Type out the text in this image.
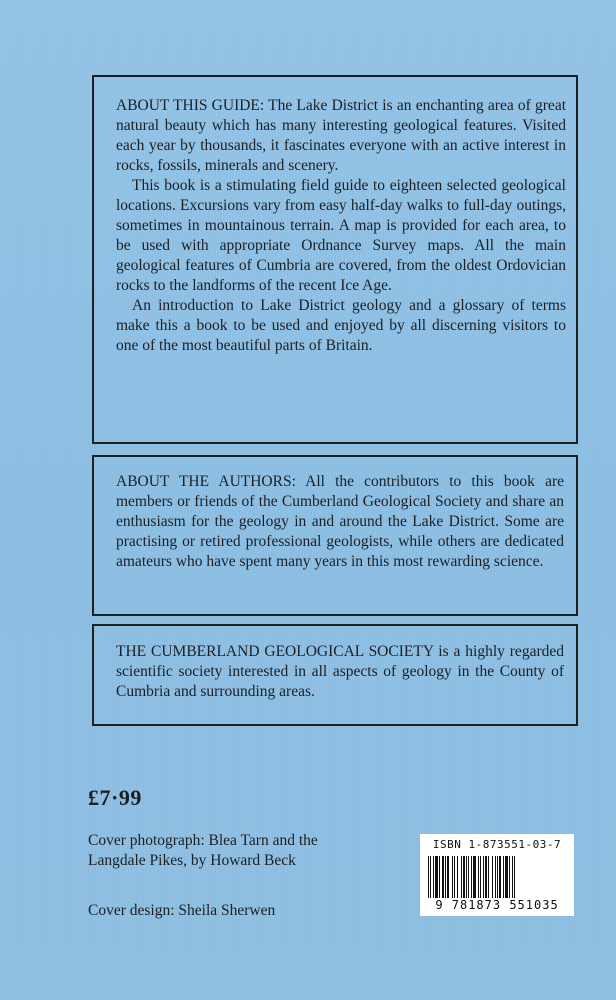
ABOUT THIS GUIDE: The Lake District is an enchanting area of great natural beauty which has many interesting geological features. Visited each year by thousands, it fascinates everyone with an active interest in rocks, fossils, minerals and scenery.

This book is a stimulating field guide to eighteen selected geological locations. Excursions vary from easy half-day walks to full-day outings, sometimes in mountainous terrain. A map is provided for each area, to be used with appropriate Ordnance Survey maps. All the main geological features of Cumbria are covered, from the oldest Ordovician rocks to the landforms of the recent Ice Age.

An introduction to Lake District geology and a glossary of terms make this a book to be used and enjoyed by all discerning visitors to one of the most beautiful parts of Britain.

ABOUT THE AUTHORS: All the contributors to this book are members or friends of the Cumberland Geological Society and share an enthusiasm for the geology in and around the Lake District. Some are practising or retired professional geologists, while others are dedicated amateurs who have spent many years in this most rewarding science.

THE CUMBERLAND GEOLOGICAL SOCIETY is a highly regarded scientific society interested in all aspects of geology in the County of Cumbria and surrounding areas.

£7·99
Cover photograph: Blea Tarn and the Langdale Pikes, by Howard Beck
Cover design: Sheila Sherwen
ISBN 1-873551-03-7
9 781873 551035
